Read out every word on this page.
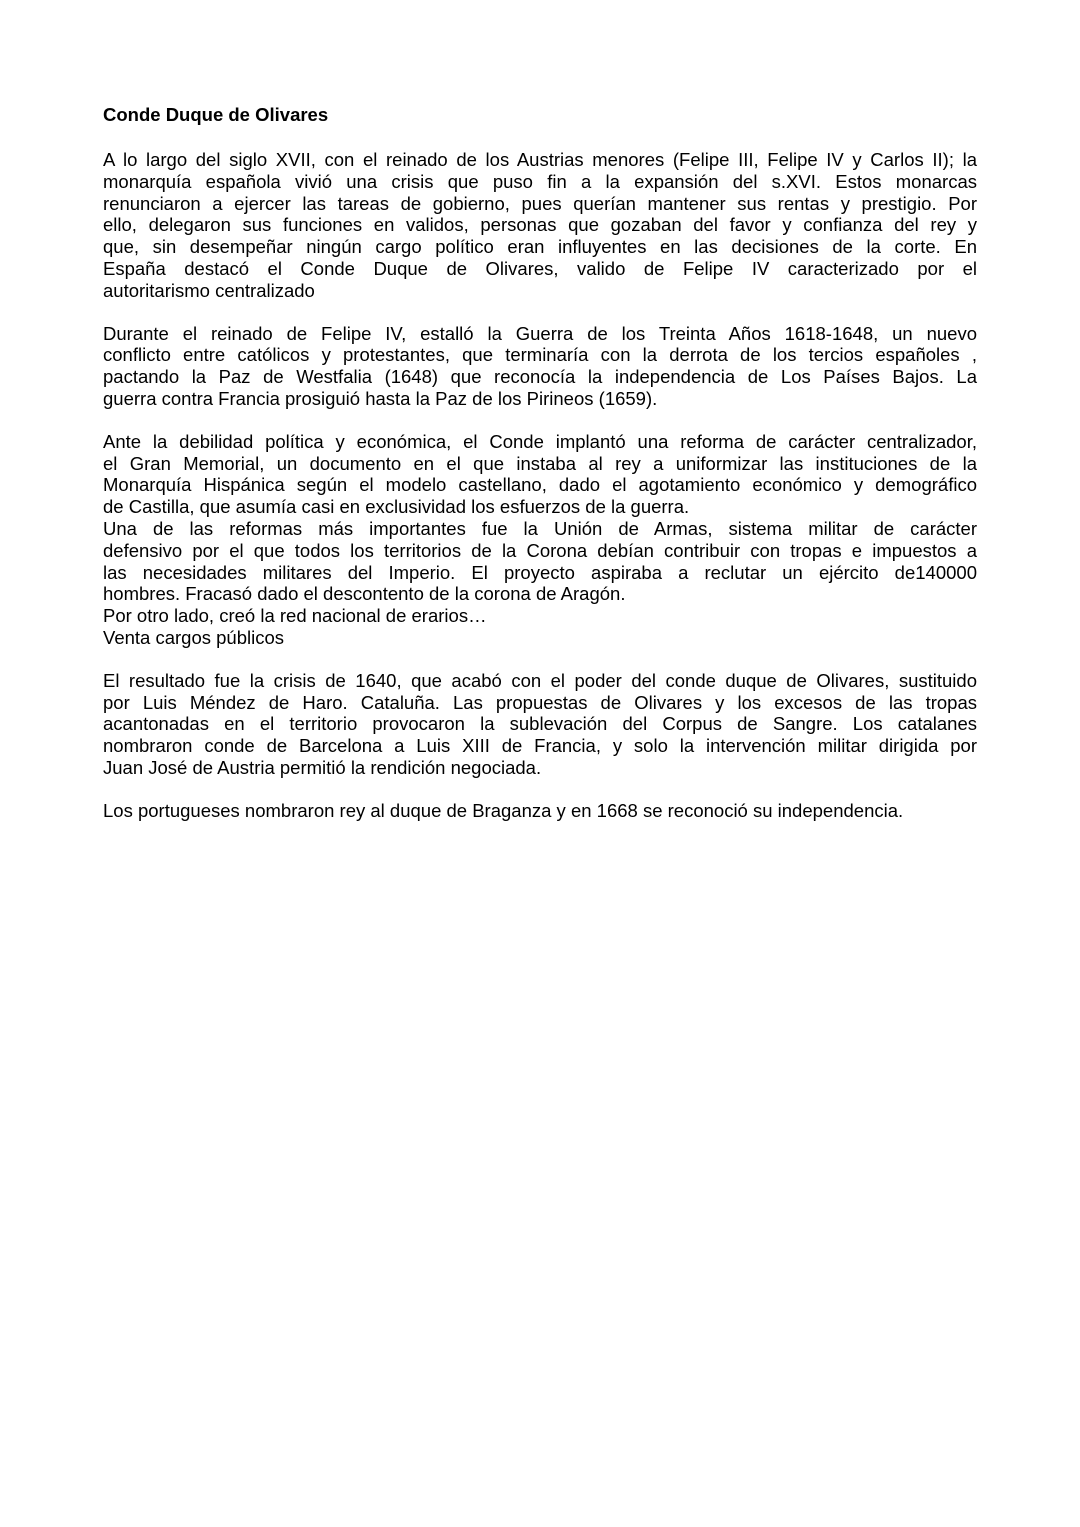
Conde Duque de Olivares
A lo largo del siglo XVII, con el reinado de los Austrias menores (Felipe III, Felipe IV y Carlos II); la
monarquía española vivió una crisis que puso fin a la expansión del s.XVI. Estos monarcas
renunciaron a ejercer las tareas de gobierno, pues querían mantener sus rentas y prestigio. Por
ello, delegaron sus funciones en validos, personas que gozaban del favor y confianza del rey y
que, sin desempeñar ningún cargo político eran influyentes en las decisiones de la corte. En
España destacó el Conde Duque de Olivares, valido de Felipe IV caracterizado por el
autoritarismo centralizado
Durante el reinado de Felipe IV, estalló la Guerra de los Treinta Años 1618-1648, un nuevo
conflicto entre católicos y protestantes, que terminaría con la derrota de los tercios españoles ,
pactando la Paz de Westfalia (1648) que reconocía la independencia de Los Países Bajos. La
guerra contra Francia prosiguió hasta la Paz de los Pirineos (1659).
Ante la debilidad política y económica, el Conde implantó una reforma de carácter centralizador,
el Gran Memorial, un documento en el que instaba al rey a uniformizar las instituciones de la
Monarquía Hispánica según el modelo castellano, dado el agotamiento económico y demográfico
de Castilla, que asumía casi en exclusividad los esfuerzos de la guerra.
Una de las reformas más importantes fue la Unión de Armas, sistema militar de carácter
defensivo por el que todos los territorios de la Corona debían contribuir con tropas e impuestos a
las necesidades militares del Imperio. El proyecto aspiraba a reclutar un ejército de140000
hombres. Fracasó dado el descontento de la corona de Aragón.
Por otro lado, creó la red nacional de erarios…
Venta cargos públicos
El resultado fue la crisis de 1640, que acabó con el poder del conde duque de Olivares, sustituido
por Luis Méndez de Haro. Cataluña. Las propuestas de Olivares y los excesos de las tropas
acantonadas en el territorio provocaron la sublevación del Corpus de Sangre. Los catalanes
nombraron conde de Barcelona a Luis XIII de Francia, y solo la intervención militar dirigida por
Juan José de Austria permitió la rendición negociada.
Los portugueses nombraron rey al duque de Braganza y en 1668 se reconoció su independencia.
